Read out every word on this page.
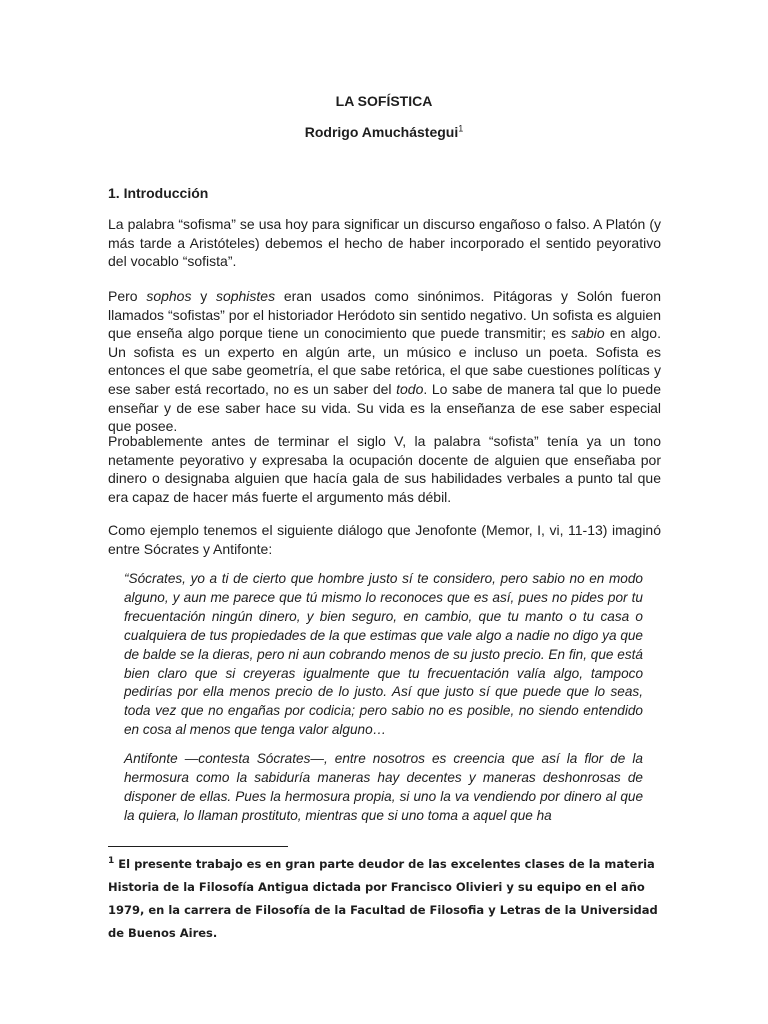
LA SOFÍSTICA
Rodrigo Amuchástegui$^1$
1. Introducción

La palabra “sofisma” se usa hoy para significar un discurso engañoso o falso. A Platón (y más tarde a Aristóteles) debemos el hecho de haber incorporado el sentido peyorativo del vocablo “sofista”.

Pero sophos y sophistes eran usados como sinónimos. Pitágoras y Solón fueron llamados “sofistas” por el historiador Heródoto sin sentido negativo. Un sofista es alguien que enseña algo porque tiene un conocimiento que puede transmitir; es sabio en algo. Un sofista es un experto en algún arte, un músico e incluso un poeta. Sofista es entonces el que sabe geometría, el que sabe retórica, el que sabe cuestiones políticas y ese saber está recortado, no es un saber del todo. Lo sabe de manera tal que lo puede enseñar y de ese saber hace su vida. Su vida es la enseñanza de ese saber especial que posee.

Probablemente antes de terminar el siglo V, la palabra “sofista” tenía ya un tono netamente peyorativo y expresaba la ocupación docente de alguien que enseñaba por dinero o designaba alguien que hacía gala de sus habilidades verbales a punto tal que era capaz de hacer más fuerte el argumento más débil.

Como ejemplo tenemos el siguiente diálogo que Jenofonte (Memor, I, vi, 11-13) imaginó entre Sócrates y Antifonte:

“Sócrates, yo a ti de cierto que hombre justo sí te considero, pero sabio no en modo alguno, y aun me parece que tú mismo lo reconoces que es así, pues no pides por tu frecuentación ningún dinero, y bien seguro, en cambio, que tu manto o tu casa o cualquiera de tus propiedades de la que estimas que vale algo a nadie no digo ya que de balde se la dieras, pero ni aun cobrando menos de su justo precio. En fin, que está bien claro que si creyeras igualmente que tu frecuentación valía algo, tampoco pedirías por ella menos precio de lo justo. Así que justo sí que puede que lo seas, toda vez que no engañas por codicia; pero sabio no es posible, no siendo entendido en cosa al menos que tenga valor alguno…
Antifonte —contesta Sócrates—, entre nosotros es creencia que así la flor de la hermosura como la sabiduría maneras hay decentes y maneras deshonrosas de disponer de ellas. Pues la hermosura propia, si uno la va vendiendo por dinero al que la quiera, lo llaman prostituto, mientras que si uno toma a aquel que ha
$^1$ El presente trabajo es en gran parte deudor de las excelentes clases de la materia Historia de la Filosofía Antigua dictada por Francisco Olivieri y su equipo en el año 1979, en la carrera de Filosofía de la Facultad de Filosofia y Letras de la Universidad de Buenos Aires.
